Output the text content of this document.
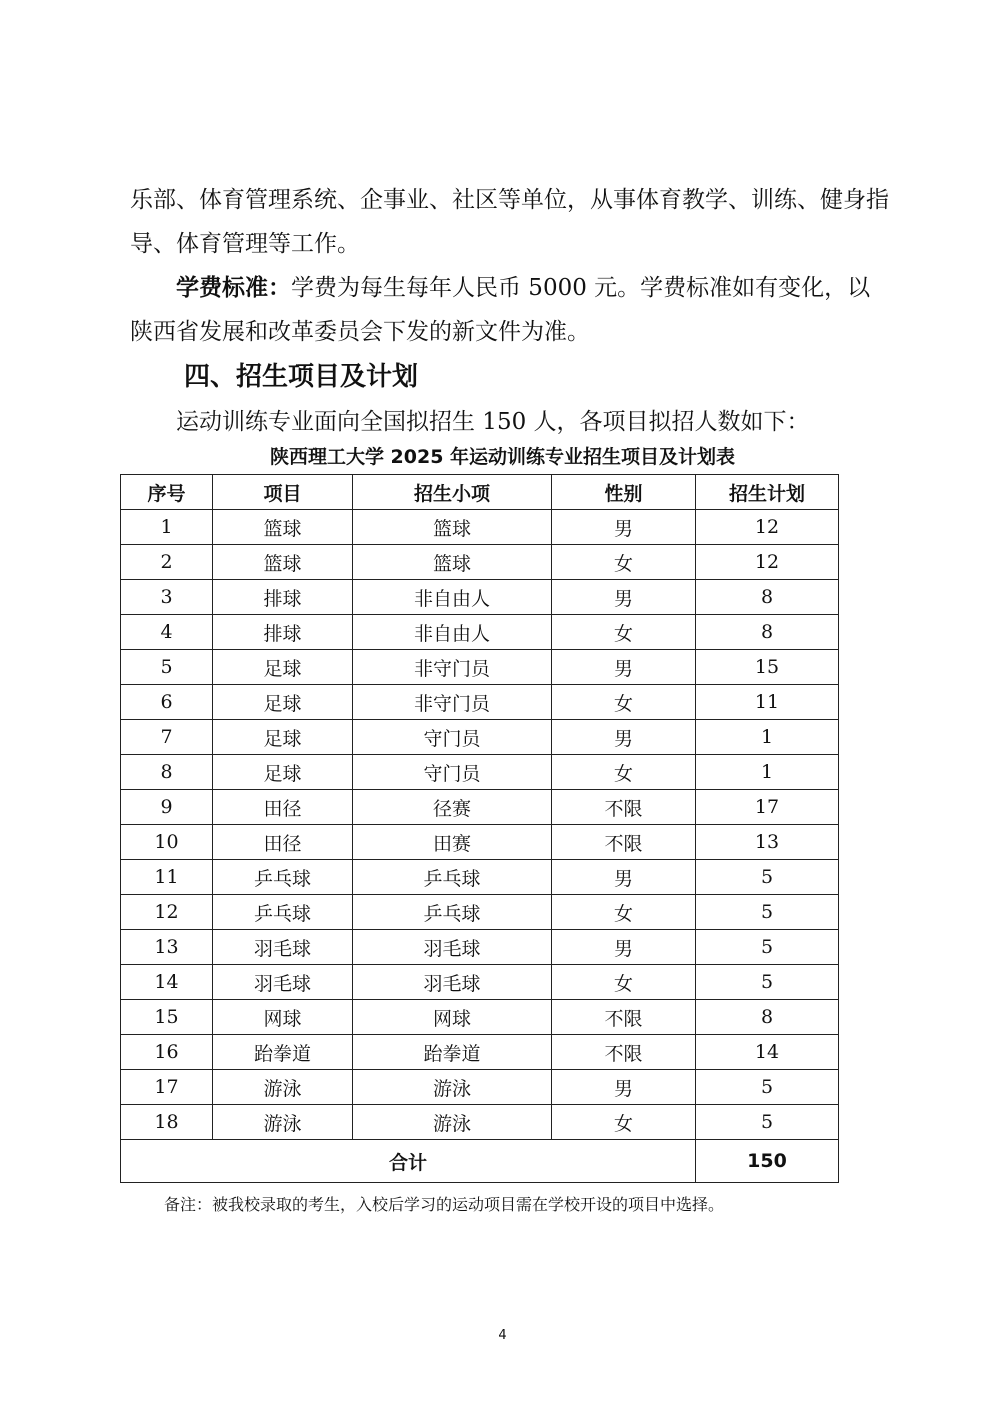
乐部、体育管理系统、企事业、社区等单位，从事体育教学、训练、健身指导、体育管理等工作。

学费标准：学费为每生每年人民币 5000 元。学费标准如有变化，以陕西省发展和改革委员会下发的新文件为准。

四、招生项目及计划

运动训练专业面向全国拟招生 150 人，各项目拟招人数如下：

陕西理工大学 2025 年运动训练专业招生项目及计划表

序号	项目	招生小项	性别	招生计划
1	篮球	篮球	男	12
2	篮球	篮球	女	12
3	排球	非自由人	男	8
4	排球	非自由人	女	8
5	足球	非守门员	男	15
6	足球	非守门员	女	11
7	足球	守门员	男	1
8	足球	守门员	女	1
9	田径	径赛	不限	17
10	田径	田赛	不限	13
11	乒乓球	乒乓球	男	5
12	乒乓球	乒乓球	女	5
13	羽毛球	羽毛球	男	5
14	羽毛球	羽毛球	女	5
15	网球	网球	不限	8
16	跆拳道	跆拳道	不限	14
17	游泳	游泳	男	5
18	游泳	游泳	女	5
合计				150

备注：被我校录取的考生，入校后学习的运动项目需在学校开设的项目中选择。

4
